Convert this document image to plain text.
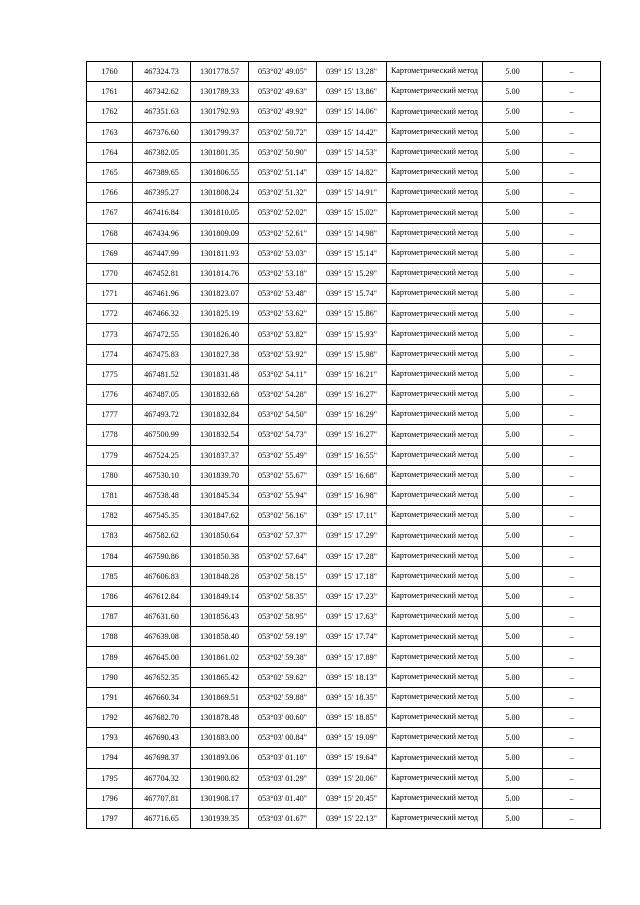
1760	467324.73	1301778.57	053°02' 49.05"	039° 15' 13.28"	Картометрический метод	5.00	–
1761	467342.62	1301789.33	053°02' 49.63"	039° 15' 13.86"	Картометрический метод	5.00	–
1762	467351.63	1301792.93	053°02' 49.92"	039° 15' 14.06"	Картометрический метод	5.00	–
1763	467376.60	1301799.37	053°02' 50.72"	039° 15' 14.42"	Картометрический метод	5.00	–
1764	467382.05	1301801.35	053°02' 50.90"	039° 15' 14.53"	Картометрический метод	5.00	–
1765	467389.65	1301806.55	053°02' 51.14"	039° 15' 14.82"	Картометрический метод	5.00	–
1766	467395.27	1301808.24	053°02' 51.32"	039° 15' 14.91"	Картометрический метод	5.00	–
1767	467416.84	1301810.05	053°02' 52.02"	039° 15' 15.02"	Картометрический метод	5.00	–
1768	467434.96	1301809.09	053°02' 52.61"	039° 15' 14.98"	Картометрический метод	5.00	–
1769	467447.99	1301811.93	053°02' 53.03"	039° 15' 15.14"	Картометрический метод	5.00	–
1770	467452.81	1301814.76	053°02' 53.18"	039° 15' 15.29"	Картометрический метод	5.00	–
1771	467461.96	1301823.07	053°02' 53.48"	039° 15' 15.74"	Картометрический метод	5.00	–
1772	467466.32	1301825.19	053°02' 53.62"	039° 15' 15.86"	Картометрический метод	5.00	–
1773	467472.55	1301826.40	053°02' 53.82"	039° 15' 15.93"	Картометрический метод	5.00	–
1774	467475.83	1301827.38	053°02' 53.92"	039° 15' 15.98"	Картометрический метод	5.00	–
1775	467481.52	1301831.48	053°02' 54.11"	039° 15' 16.21"	Картометрический метод	5.00	–
1776	467487.05	1301832.68	053°02' 54.28"	039° 15' 16.27"	Картометрический метод	5.00	–
1777	467493.72	1301832.84	053°02' 54.50"	039° 15' 16.29"	Картометрический метод	5.00	–
1778	467500.99	1301832.54	053°02' 54.73"	039° 15' 16.27"	Картометрический метод	5.00	–
1779	467524.25	1301837.37	053°02' 55.49"	039° 15' 16.55"	Картометрический метод	5.00	–
1780	467530.10	1301839.70	053°02' 55.67"	039° 15' 16.68"	Картометрический метод	5.00	–
1781	467538.48	1301845.34	053°02' 55.94"	039° 15' 16.98"	Картометрический метод	5.00	–
1782	467545.35	1301847.62	053°02' 56.16"	039° 15' 17.11"	Картометрический метод	5.00	–
1783	467582.62	1301850.64	053°02' 57.37"	039° 15' 17.29"	Картометрический метод	5.00	–
1784	467590.86	1301850.38	053°02' 57.64"	039° 15' 17.28"	Картометрический метод	5.00	–
1785	467606.83	1301848.28	053°02' 58.15"	039° 15' 17.18"	Картометрический метод	5.00	–
1786	467612.84	1301849.14	053°02' 58.35"	039° 15' 17.23"	Картометрический метод	5.00	–
1787	467631.60	1301856.43	053°02' 58.95"	039° 15' 17.63"	Картометрический метод	5.00	–
1788	467639.08	1301858.40	053°02' 59.19"	039° 15' 17.74"	Картометрический метод	5.00	–
1789	467645.00	1301861.02	053°02' 59.38"	039° 15' 17.89"	Картометрический метод	5.00	–
1790	467652.35	1301865.42	053°02' 59.62"	039° 15' 18.13"	Картометрический метод	5.00	–
1791	467660.34	1301869.51	053°02' 59.88"	039° 15' 18.35"	Картометрический метод	5.00	–
1792	467682.70	1301878.48	053°03' 00.60"	039° 15' 18.85"	Картометрический метод	5.00	–
1793	467690.43	1301883.00	053°03' 00.84"	039° 15' 19.09"	Картометрический метод	5.00	–
1794	467698.37	1301893.06	053°03' 01.10"	039° 15' 19.64"	Картометрический метод	5.00	–
1795	467704.32	1301900.82	053°03' 01.29"	039° 15' 20.06"	Картометрический метод	5.00	–
1796	467707.81	1301908.17	053°03' 01.40"	039° 15' 20.45"	Картометрический метод	5.00	–
1797	467716.65	1301939.35	053°03' 01.67"	039° 15' 22.13"	Картометрический метод	5.00	–
